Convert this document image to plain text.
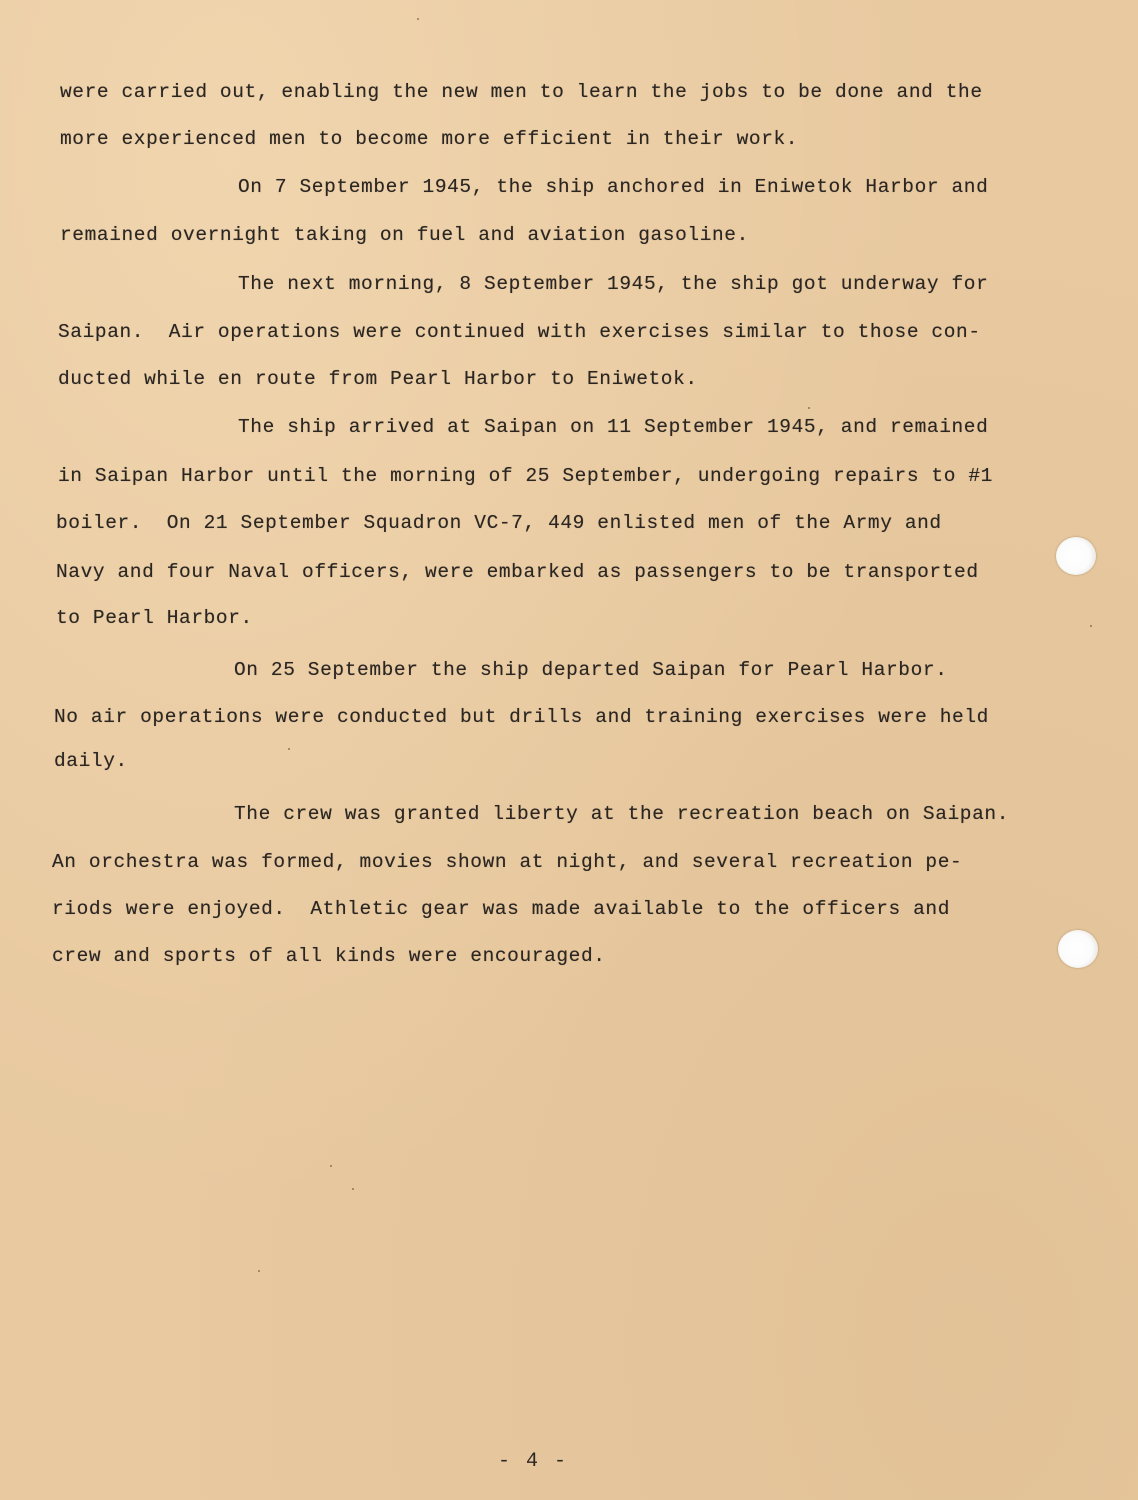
were carried out, enabling the new men to learn the jobs to be done and the
more experienced men to become more efficient in their work.
On 7 September 1945, the ship anchored in Eniwetok Harbor and
remained overnight taking on fuel and aviation gasoline.
The next morning, 8 September 1945, the ship got underway for
Saipan.  Air operations were continued with exercises similar to those con-
ducted while en route from Pearl Harbor to Eniwetok.
The ship arrived at Saipan on 11 September 1945, and remained
in Saipan Harbor until the morning of 25 September, undergoing repairs to #1
boiler.  On 21 September Squadron VC-7, 449 enlisted men of the Army and
Navy and four Naval officers, were embarked as passengers to be transported
to Pearl Harbor.
On 25 September the ship departed Saipan for Pearl Harbor.
No air operations were conducted but drills and training exercises were held
daily.
The crew was granted liberty at the recreation beach on Saipan.
An orchestra was formed, movies shown at night, and several recreation pe-
riods were enjoyed.  Athletic gear was made available to the officers and
crew and sports of all kinds were encouraged.
- 4 -
